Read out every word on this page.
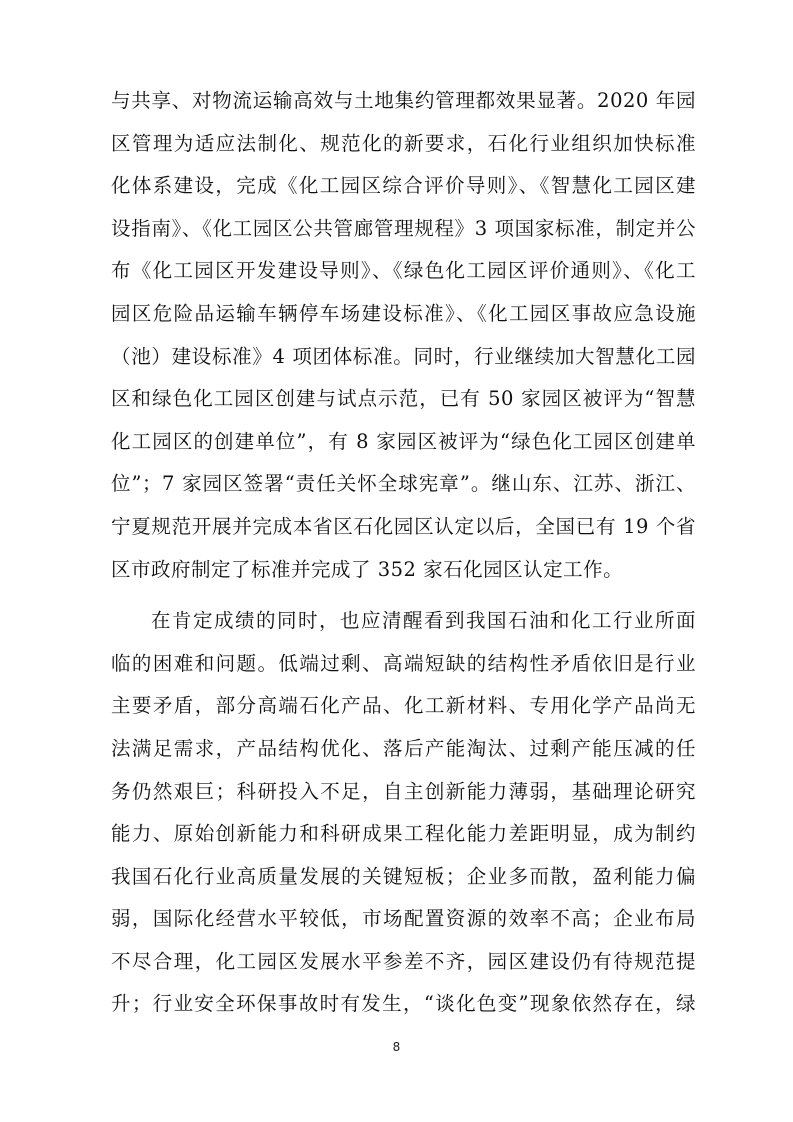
与共享、对物流运输高效与土地集约管理都效果显著。2020 年园
区管理为适应法制化、规范化的新要求，石化行业组织加快标准
化体系建设，完成《化工园区综合评价导则》、《智慧化工园区建
设指南》、《化工园区公共管廊管理规程》3 项国家标准，制定并公
布《化工园区开发建设导则》、《绿色化工园区评价通则》、《化工
园区危险品运输车辆停车场建设标准》、《化工园区事故应急设施
（池）建设标准》4 项团体标准。同时，行业继续加大智慧化工园
区和绿色化工园区创建与试点示范，已有 50 家园区被评为“智慧
化工园区的创建单位”，有 8 家园区被评为“绿色化工园区创建单
位”；7 家园区签署“责任关怀全球宪章”。继山东、江苏、浙江、
宁夏规范开展并完成本省区石化园区认定以后，全国已有 19 个省
区市政府制定了标准并完成了 352 家石化园区认定工作。
在肯定成绩的同时，也应清醒看到我国石油和化工行业所面
临的困难和问题。低端过剩、高端短缺的结构性矛盾依旧是行业
主要矛盾，部分高端石化产品、化工新材料、专用化学产品尚无
法满足需求，产品结构优化、落后产能淘汰、过剩产能压减的任
务仍然艰巨；科研投入不足，自主创新能力薄弱，基础理论研究
能力、原始创新能力和科研成果工程化能力差距明显，成为制约
我国石化行业高质量发展的关键短板；企业多而散，盈利能力偏
弱，国际化经营水平较低，市场配置资源的效率不高；企业布局
不尽合理，化工园区发展水平参差不齐，园区建设仍有待规范提
升；行业安全环保事故时有发生，“谈化色变”现象依然存在，绿
8
